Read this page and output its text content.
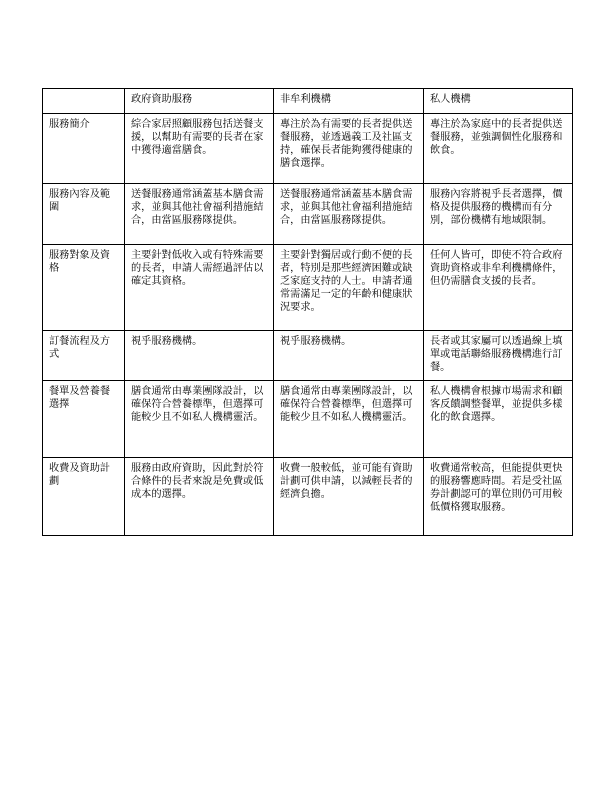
	政府資助服務	非牟利機構	私人機構
服務簡介	綜合家居照顧服務包括送餐支援，以幫助有需要的長者在家中獲得適當膳食。	專注於為有需要的長者提供送餐服務，並透過義工及社區支持，確保長者能夠獲得健康的膳食選擇。	專注於為家庭中的長者提供送餐服務，並強調個性化服務和飲食。
服務內容及範圍	送餐服務通常涵蓋基本膳食需求，並與其他社會福利措施結合，由當區服務隊提供。	送餐服務通常涵蓋基本膳食需求，並與其他社會福利措施結合，由當區服務隊提供。	服務內容將視乎長者選擇，價格及提供服務的機構而有分別，部份機構有地域限制。
服務對象及資格	主要針對低收入或有特殊需要的長者，申請人需經過評估以確定其資格。	主要針對獨居或行動不便的長者，特別是那些經濟困難或缺乏家庭支持的人士。申請者通常需滿足一定的年齡和健康狀況要求。	任何人皆可，即使不符合政府資助資格或非牟利機構條件，但仍需膳食支援的長者。
訂餐流程及方式	視乎服務機構。	視乎服務機構。	長者或其家屬可以透過線上填單或電話聯絡服務機構進行訂餐。
餐單及營養餐選擇	膳食通常由專業團隊設計，以確保符合營養標準，但選擇可能較少且不如私人機構靈活。	膳食通常由專業團隊設計，以確保符合營養標準，但選擇可能較少且不如私人機構靈活。	私人機構會根據市場需求和顧客反饋調整餐單，並提供多樣化的飲食選擇。
收費及資助計劃	服務由政府資助，因此對於符合條件的長者來說是免費或低成本的選擇。	收費一般較低，並可能有資助計劃可供申請，以減輕長者的經濟負擔。	收費通常較高，但能提供更快的服務響應時間。若是受社區券計劃認可的單位則仍可用較低價格獲取服務。
